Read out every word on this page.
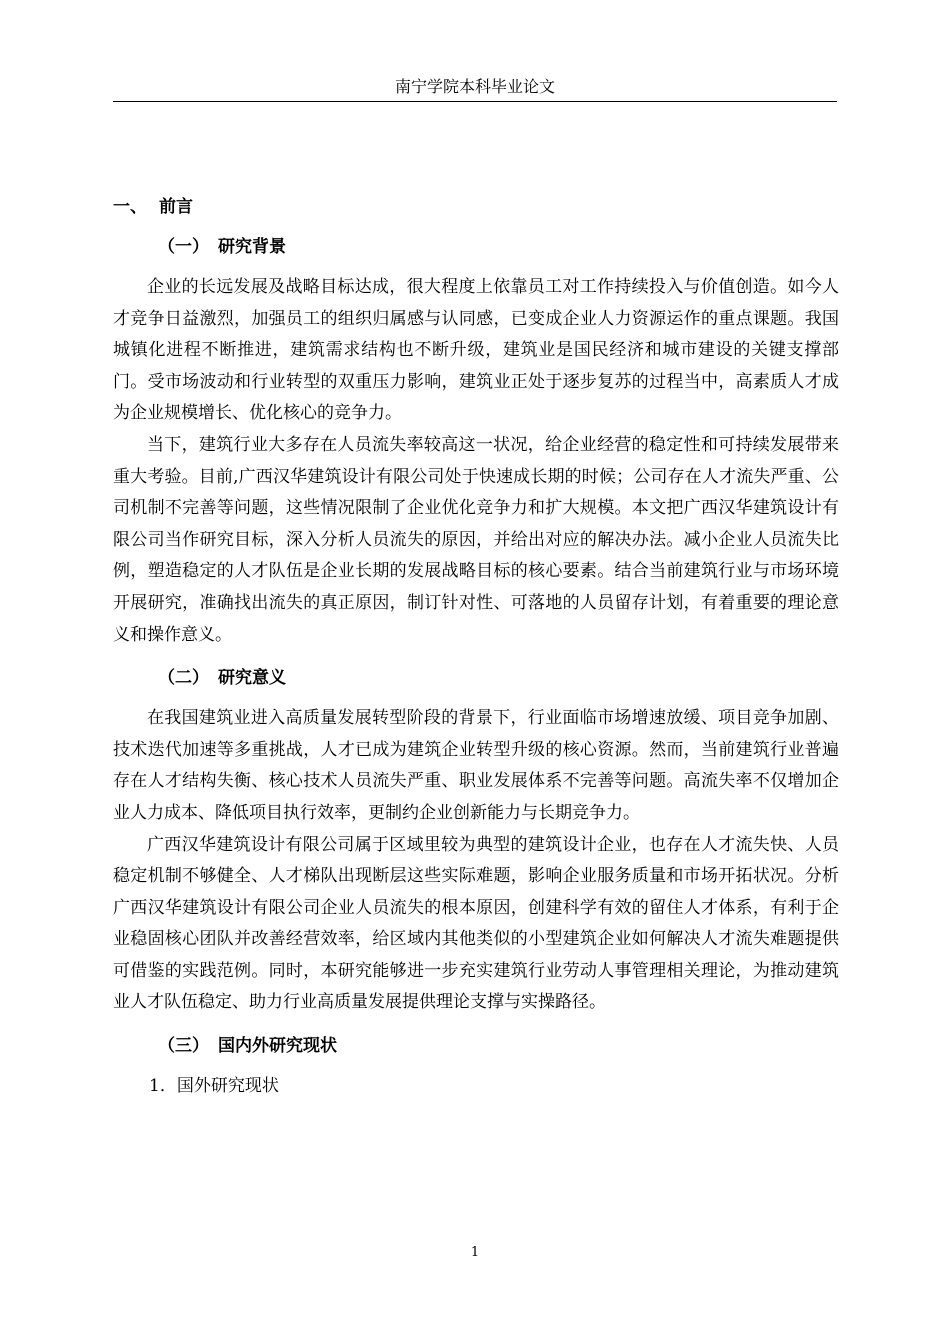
南宁学院本科毕业论文
一、 前言
（一） 研究背景

企业的长远发展及战略目标达成，很大程度上依靠员工对工作持续投入与价值创造。如今人才竞争日益激烈，加强员工的组织归属感与认同感，已变成企业人力资源运作的重点课题。我国城镇化进程不断推进，建筑需求结构也不断升级，建筑业是国民经济和城市建设的关键支撑部门。受市场波动和行业转型的双重压力影响，建筑业正处于逐步复苏的过程当中，高素质人才成为企业规模增长、优化核心的竞争力。

当下，建筑行业大多存在人员流失率较高这一状况，给企业经营的稳定性和可持续发展带来重大考验。目前,广西汉华建筑设计有限公司处于快速成长期的时候；公司存在人才流失严重、公司机制不完善等问题，这些情况限制了企业优化竞争力和扩大规模。本文把广西汉华建筑设计有限公司当作研究目标，深入分析人员流失的原因，并给出对应的解决办法。减小企业人员流失比例，塑造稳定的人才队伍是企业长期的发展战略目标的核心要素。结合当前建筑行业与市场环境开展研究，准确找出流失的真正原因，制订针对性、可落地的人员留存计划，有着重要的理论意义和操作意义。

（二） 研究意义

在我国建筑业进入高质量发展转型阶段的背景下，行业面临市场增速放缓、项目竞争加剧、技术迭代加速等多重挑战，人才已成为建筑企业转型升级的核心资源。然而，当前建筑行业普遍存在人才结构失衡、核心技术人员流失严重、职业发展体系不完善等问题。高流失率不仅增加企业人力成本、降低项目执行效率，更制约企业创新能力与长期竞争力。

广西汉华建筑设计有限公司属于区域里较为典型的建筑设计企业，也存在人才流失快、人员稳定机制不够健全、人才梯队出现断层这些实际难题，影响企业服务质量和市场开拓状况。分析广西汉华建筑设计有限公司企业人员流失的根本原因，创建科学有效的留住人才体系，有利于企业稳固核心团队并改善经营效率，给区域内其他类似的小型建筑企业如何解决人才流失难题提供可借鉴的实践范例。同时，本研究能够进一步充实建筑行业劳动人事管理相关理论，为推动建筑业人才队伍稳定、助力行业高质量发展提供理论支撑与实操路径。

（三） 国内外研究现状
1．国外研究现状
1
